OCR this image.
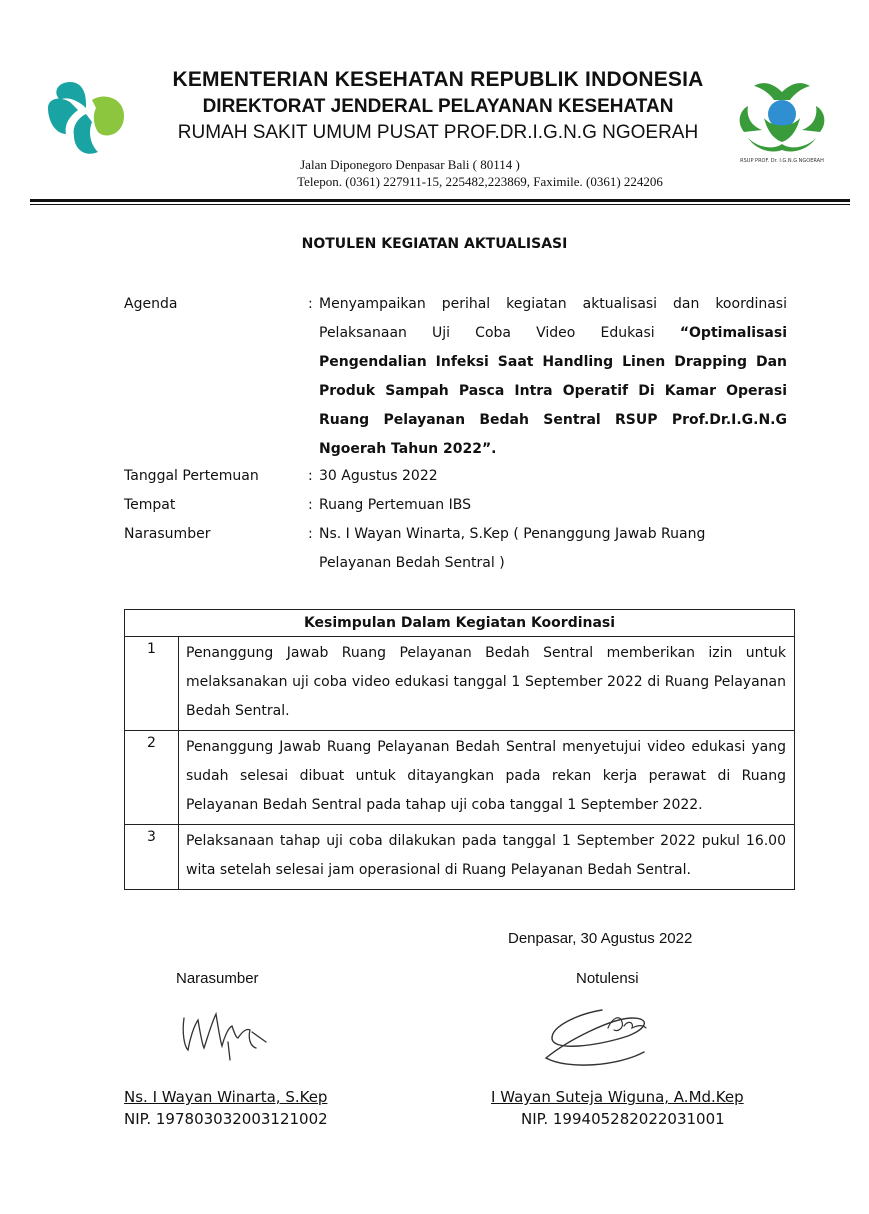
KEMENTERIAN KESEHATAN REPUBLIK INDONESIA
DIREKTORAT JENDERAL PELAYANAN KESEHATAN
RUMAH SAKIT UMUM PUSAT PROF.DR.I.G.N.G NGOERAH
RSUP PROF. Dr. I.G.N.G NGOERAH
Jalan Diponegoro Denpasar Bali ( 80114 )
Telepon. (0361) 227911-15, 225482,223869, Faximile. (0361) 224206
NOTULEN KEGIATAN AKTUALISASI
Agenda	: Menyampaikan perihal kegiatan aktualisasi dan koordinasi Pelaksanaan Uji Coba Video Edukasi “Optimalisasi Pengendalian Infeksi Saat Handling Linen Drapping Dan Produk Sampah Pasca Intra Operatif Di Kamar Operasi Ruang Pelayanan Bedah Sentral RSUP Prof.Dr.I.G.N.G Ngoerah Tahun 2022”.
Tanggal Pertemuan	: 30 Agustus 2022
Tempat	: Ruang Pertemuan IBS
Narasumber	: Ns. I Wayan Winarta, S.Kep ( Penanggung Jawab Ruang
Pelayanan Bedah Sentral )
Kesimpulan Dalam Kegiatan Koordinasi	
1	Penanggung Jawab Ruang Pelayanan Bedah Sentral memberikan izin untuk melaksanakan uji coba video edukasi tanggal 1 September 2022 di Ruang Pelayanan Bedah Sentral.
2	Penanggung Jawab Ruang Pelayanan Bedah Sentral menyetujui video edukasi yang sudah selesai dibuat untuk ditayangkan pada rekan kerja perawat di Ruang Pelayanan Bedah Sentral pada tahap uji coba tanggal 1 September 2022.
3	Pelaksanaan tahap uji coba dilakukan pada tanggal 1 September 2022 pukul 16.00 wita setelah selesai jam operasional di Ruang Pelayanan Bedah Sentral.
Denpasar, 30 Agustus 2022
Narasumber	Notulensi
Ns. I Wayan Winarta, S.Kep
NIP. 197803032003121002
I Wayan Suteja Wiguna, A.Md.Kep
NIP. 199405282022031001
